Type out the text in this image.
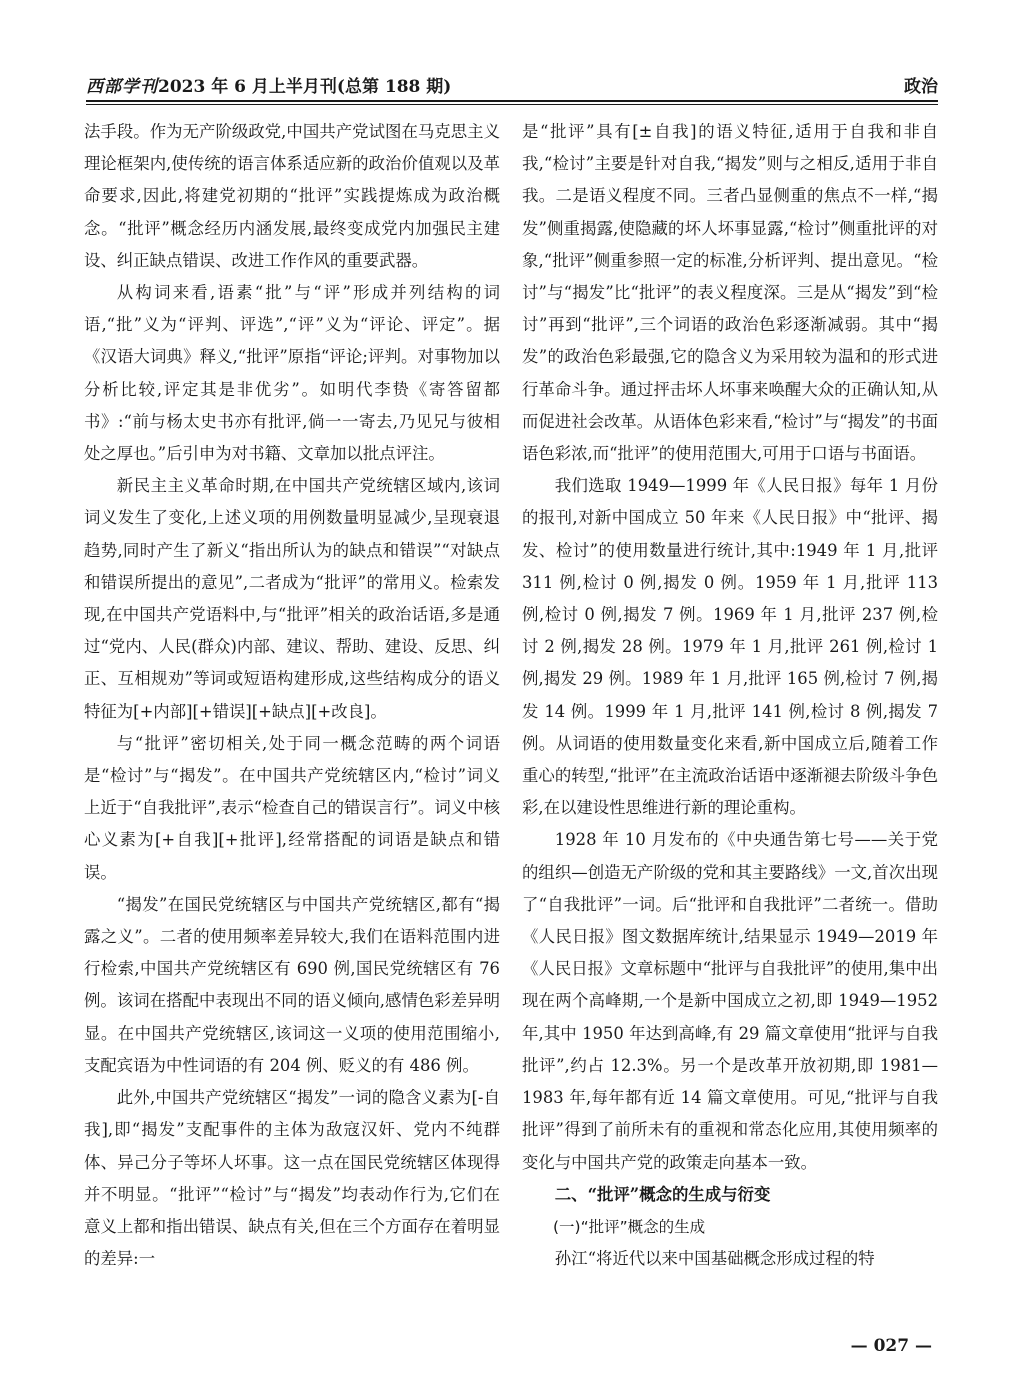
西部学刊2023 年 6 月上半月刊(总第 188 期)	政治

法手段。作为无产阶级政党,中国共产党试图在马克思主义理论框架内,使传统的语言体系适应新的政治价值观以及革命要求,因此,将建党初期的“批评”实践提炼成为政治概念。“批评”概念经历内涵发展,最终变成党内加强民主建设、纠正缺点错误、改进工作作风的重要武器。

从构词来看,语素“批”与“评”形成并列结构的词语,“批”义为“评判、评选”,“评”义为“评论、评定”。据《汉语大词典》释义,“批评”原指“评论;评判。对事物加以分析比较,评定其是非优劣”。如明代李贽《寄答留都书》:“前与杨太史书亦有批评,倘一一寄去,乃见兄与彼相处之厚也。”后引申为对书籍、文章加以批点评注。

新民主主义革命时期,在中国共产党统辖区域内,该词词义发生了变化,上述义项的用例数量明显减少,呈现衰退趋势,同时产生了新义“指出所认为的缺点和错误”“对缺点和错误所提出的意见”,二者成为“批评”的常用义。检索发现,在中国共产党语料中,与“批评”相关的政治话语,多是通过“党内、人民(群众)内部、建议、帮助、建设、反思、纠正、互相规劝”等词或短语构建形成,这些结构成分的语义特征为[+内部][+错误][+缺点][+改良]。

与“批评”密切相关,处于同一概念范畴的两个词语是“检讨”与“揭发”。在中国共产党统辖区内,“检讨”词义上近于“自我批评”,表示“检查自己的错误言行”。词义中核心义素为[+自我][+批评],经常搭配的词语是缺点和错误。

“揭发”在国民党统辖区与中国共产党统辖区,都有“揭露之义”。二者的使用频率差异较大,我们在语料范围内进行检索,中国共产党统辖区有 690 例,国民党统辖区有 76 例。该词在搭配中表现出不同的语义倾向,感情色彩差异明显。在中国共产党统辖区,该词这一义项的使用范围缩小,支配宾语为中性词语的有 204 例、贬义的有 486 例。

此外,中国共产党统辖区“揭发”一词的隐含义素为[-自我],即“揭发”支配事件的主体为敌寇汉奸、党内不纯群体、异己分子等坏人坏事。这一点在国民党统辖区体现得并不明显。“批评”“检讨”与“揭发”均表动作行为,它们在意义上都和指出错误、缺点有关,但在三个方面存在着明显的差异:一

是“批评”具有[±自我]的语义特征,适用于自我和非自我,“检讨”主要是针对自我,“揭发”则与之相反,适用于非自我。二是语义程度不同。三者凸显侧重的焦点不一样,“揭发”侧重揭露,使隐藏的坏人坏事显露,“检讨”侧重批评的对象,“批评”侧重参照一定的标准,分析评判、提出意见。“检讨”与“揭发”比“批评”的表义程度深。三是从“揭发”到“检讨”再到“批评”,三个词语的政治色彩逐渐减弱。其中“揭发”的政治色彩最强,它的隐含义为采用较为温和的形式进行革命斗争。通过抨击坏人坏事来唤醒大众的正确认知,从而促进社会改革。从语体色彩来看,“检讨”与“揭发”的书面语色彩浓,而“批评”的使用范围大,可用于口语与书面语。

我们选取 1949—1999 年《人民日报》每年 1 月份的报刊,对新中国成立 50 年来《人民日报》中“批评、揭发、检讨”的使用数量进行统计,其中:1949 年 1 月,批评 311 例,检讨 0 例,揭发 0 例。1959 年 1 月,批评 113 例,检讨 0 例,揭发 7 例。1969 年 1 月,批评 237 例,检讨 2 例,揭发 28 例。1979 年 1 月,批评 261 例,检讨 1 例,揭发 29 例。1989 年 1 月,批评 165 例,检讨 7 例,揭发 14 例。1999 年 1 月,批评 141 例,检讨 8 例,揭发 7 例。从词语的使用数量变化来看,新中国成立后,随着工作重心的转型,“批评”在主流政治话语中逐渐褪去阶级斗争色彩,在以建设性思维进行新的理论重构。

1928 年 10 月发布的《中央通告第七号——关于党的组织—创造无产阶级的党和其主要路线》一文,首次出现了“自我批评”一词。后“批评和自我批评”二者统一。借助《人民日报》图文数据库统计,结果显示 1949—2019 年《人民日报》文章标题中“批评与自我批评”的使用,集中出现在两个高峰期,一个是新中国成立之初,即 1949—1952 年,其中 1950 年达到高峰,有 29 篇文章使用“批评与自我批评”,约占 12.3%。另一个是改革开放初期,即 1981—1983 年,每年都有近 14 篇文章使用。可见,“批评与自我批评”得到了前所未有的重视和常态化应用,其使用频率的变化与中国共产党的政策走向基本一致。

二、“批评”概念的生成与衍变
(一)“批评”概念的生成

孙江“将近代以来中国基础概念形成过程的特

— 027 —
